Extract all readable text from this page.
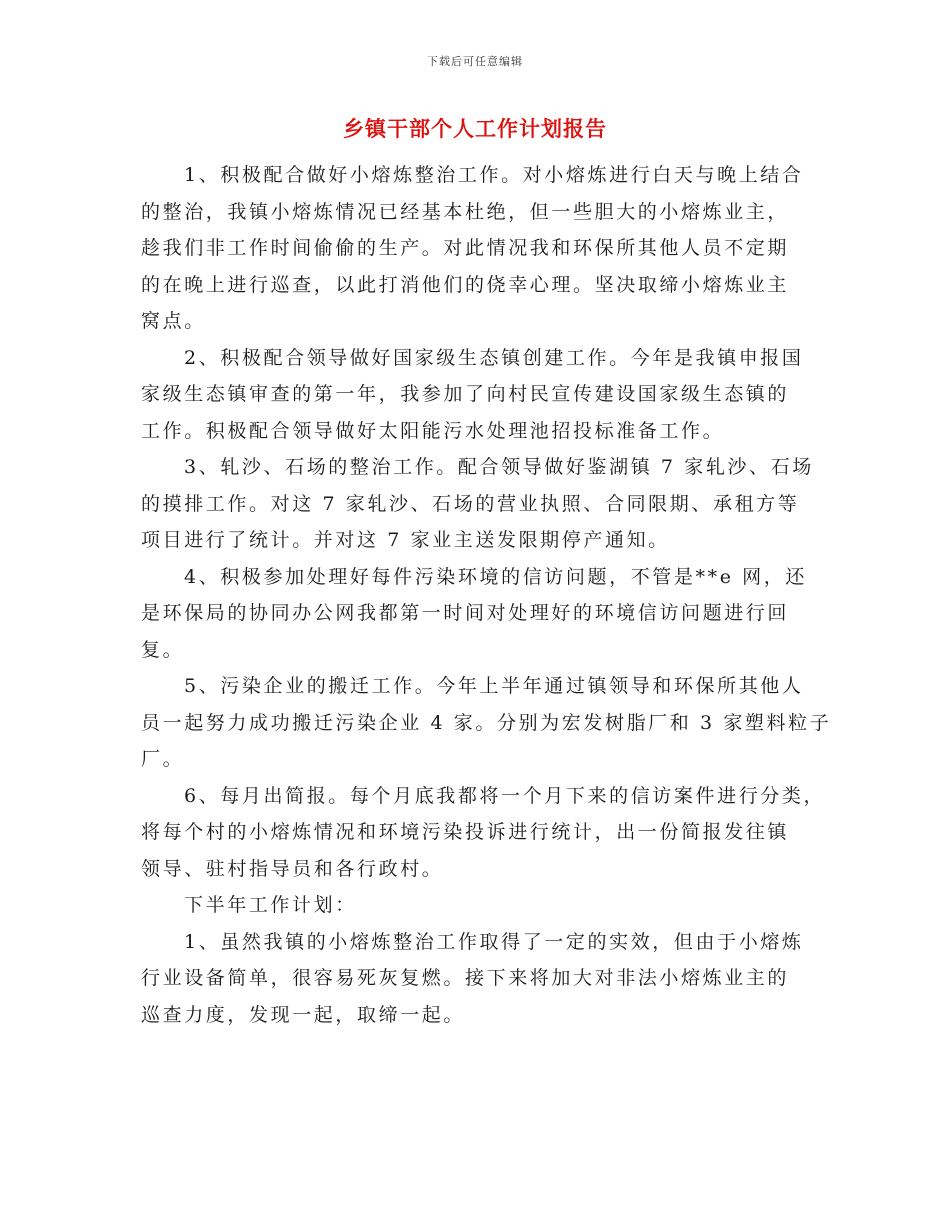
下载后可任意编辑
乡镇干部个人工作计划报告

1、积极配合做好小熔炼整治工作。对小熔炼进行白天与晚上结合
的整治，我镇小熔炼情况已经基本杜绝，但一些胆大的小熔炼业主，
趁我们非工作时间偷偷的生产。对此情况我和环保所其他人员不定期
的在晚上进行巡查，以此打消他们的侥幸心理。坚决取缔小熔炼业主
窝点。

2、积极配合领导做好国家级生态镇创建工作。今年是我镇申报国
家级生态镇审查的第一年，我参加了向村民宣传建设国家级生态镇的
工作。积极配合领导做好太阳能污水处理池招投标准备工作。

3、轧沙、石场的整治工作。配合领导做好鉴湖镇 7 家轧沙、石场
的摸排工作。对这 7 家轧沙、石场的营业执照、合同限期、承租方等
项目进行了统计。并对这 7 家业主送发限期停产通知。

4、积极参加处理好每件污染环境的信访问题，不管是**e 网，还
是环保局的协同办公网我都第一时间对处理好的环境信访问题进行回
复。

5、污染企业的搬迁工作。今年上半年通过镇领导和环保所其他人
员一起努力成功搬迁污染企业 4 家。分别为宏发树脂厂和 3 家塑料粒子
厂。

6、每月出简报。每个月底我都将一个月下来的信访案件进行分类，
将每个村的小熔炼情况和环境污染投诉进行统计，出一份简报发往镇
领导、驻村指导员和各行政村。

下半年工作计划：

1、虽然我镇的小熔炼整治工作取得了一定的实效，但由于小熔炼
行业设备简单，很容易死灰复燃。接下来将加大对非法小熔炼业主的
巡查力度，发现一起，取缔一起。
